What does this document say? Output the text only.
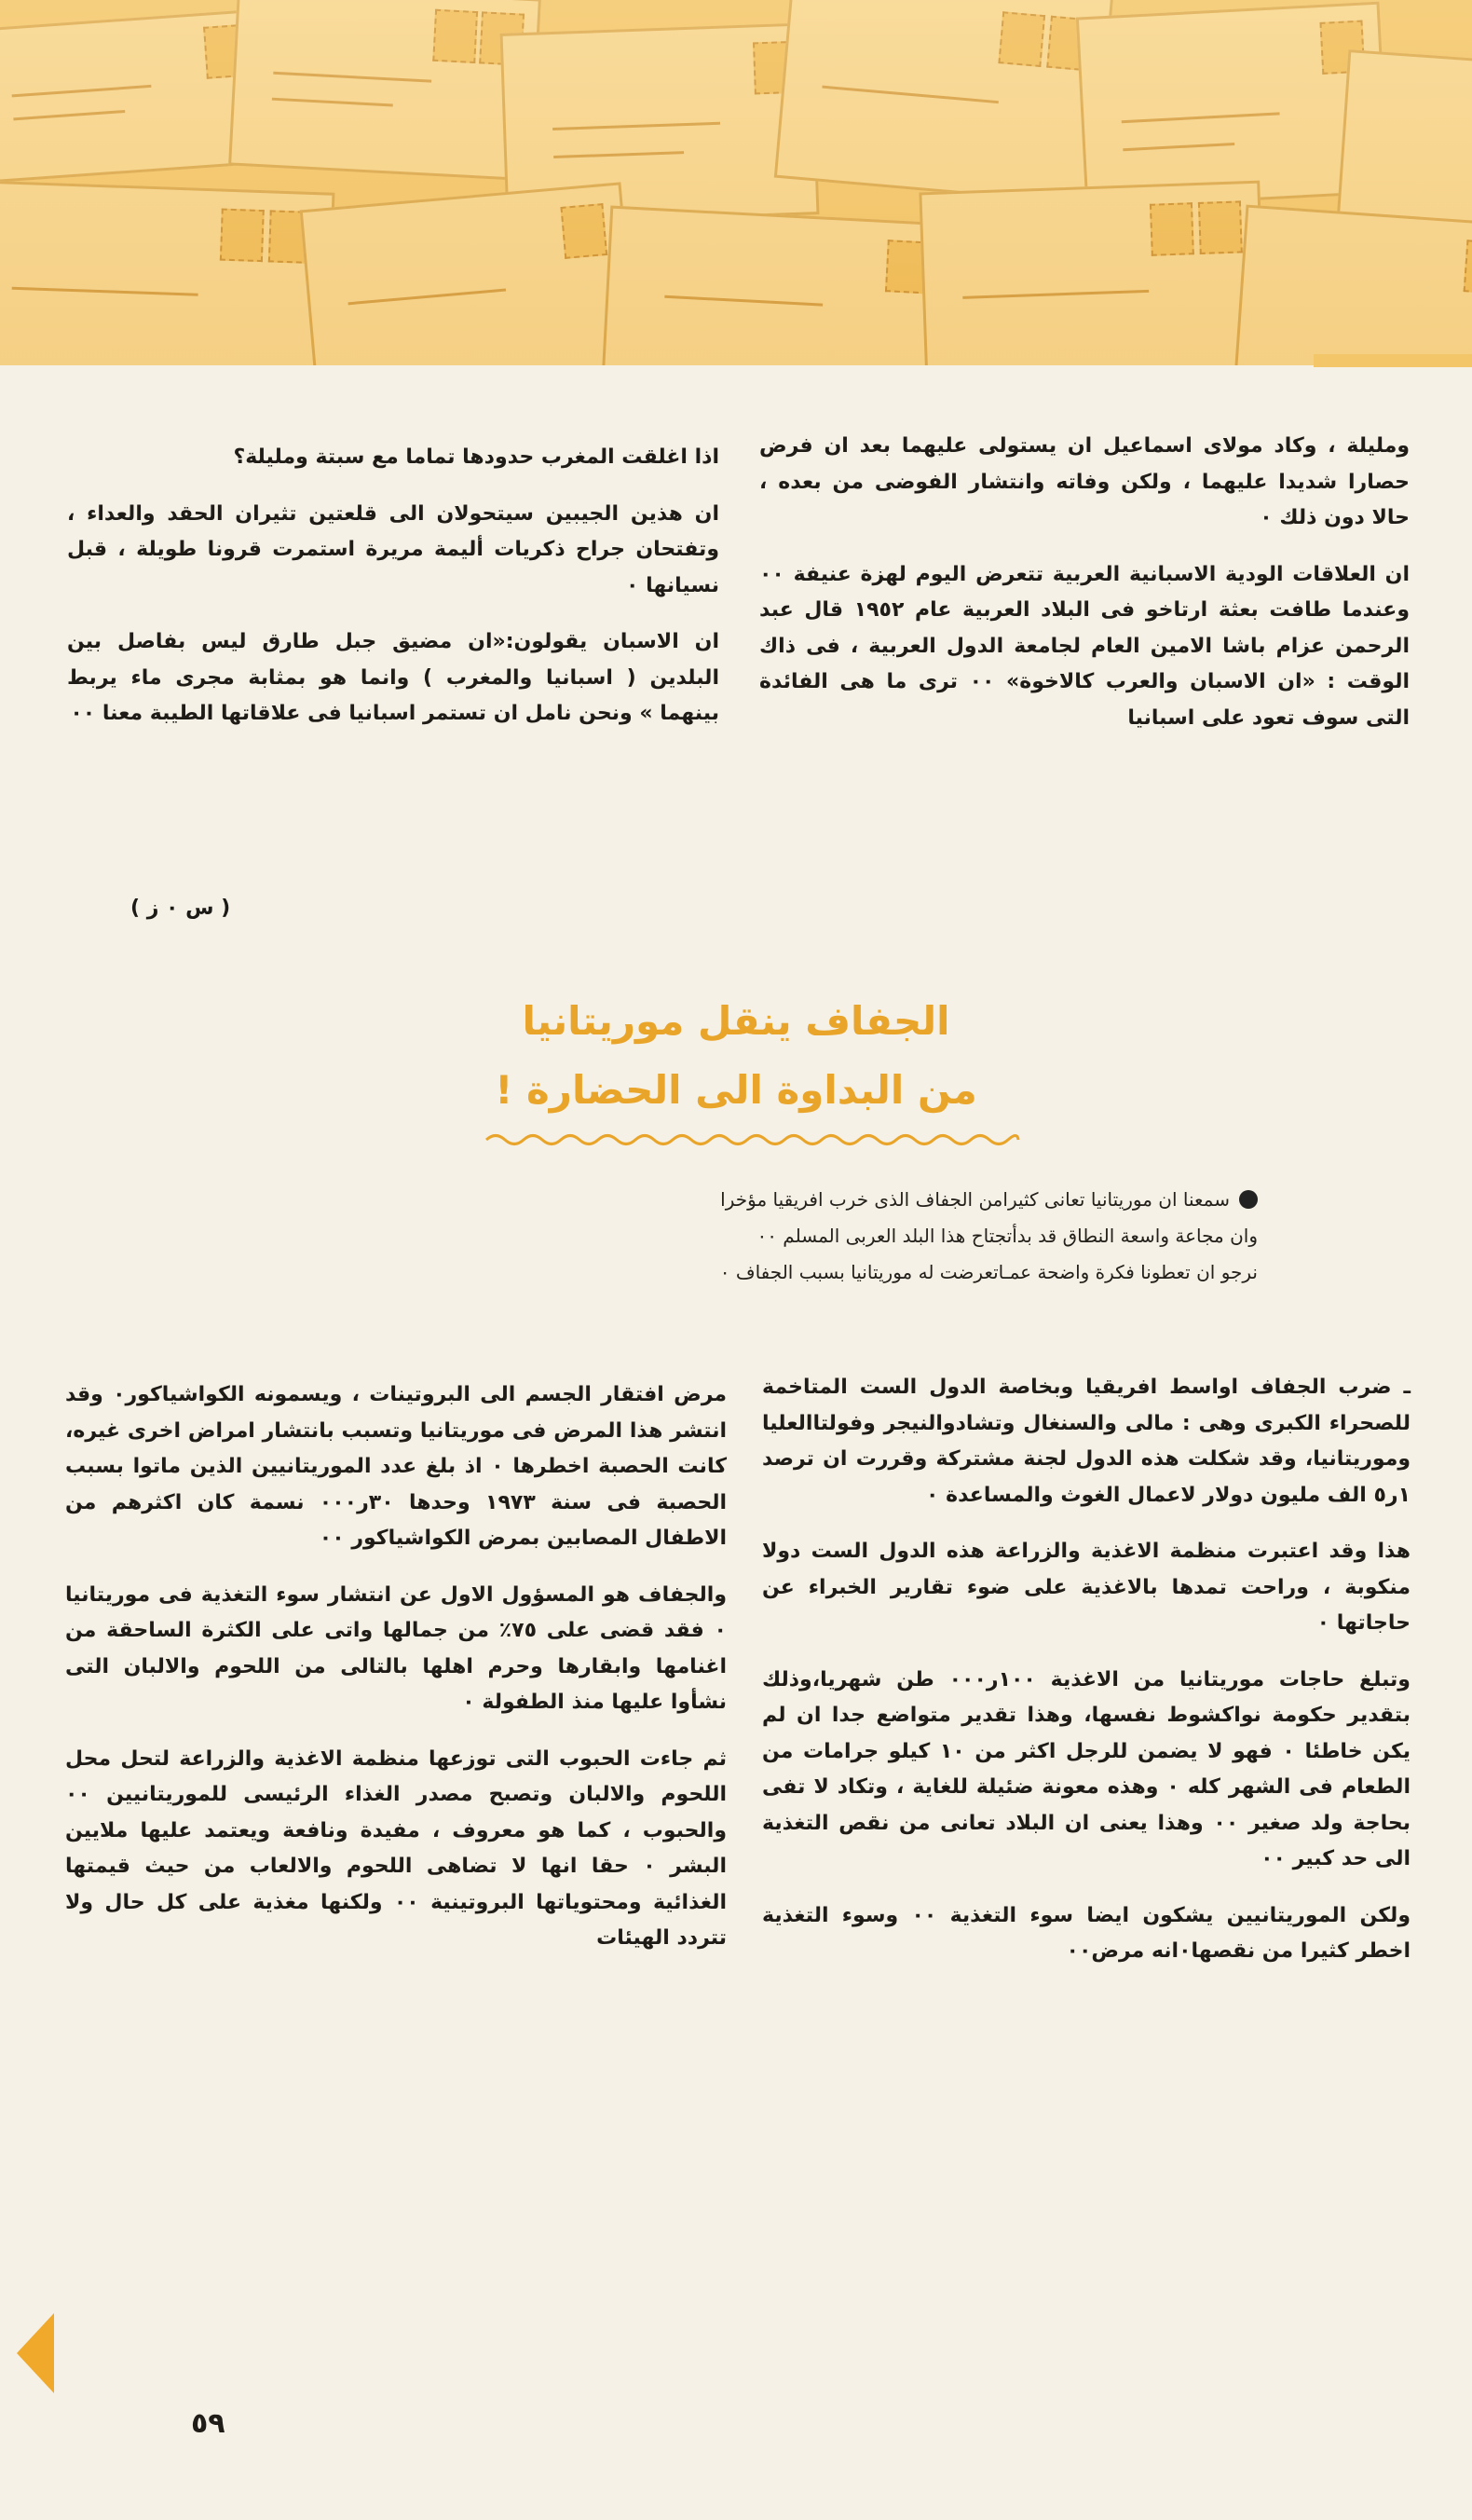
ومليلة ، وكاد مولاى اسماعيل ان يستولى عليهما بعد ان فرض حصارا شديدا عليهما ، ولكن وفاته وانتشار الفوضى من بعده ، حالا دون ذلك ٠

ان العلاقات الودية الاسبانية العربية تتعرض اليوم لهزة عنيفة ٠٠ وعندما طافت بعثة ارتاخو فى البلاد العربية عام ١٩٥٢ قال عبد الرحمن عزام باشا الامين العام لجامعة الدول العربية ، فى ذاك الوقت : «ان الاسبان والعرب كالاخوة» ٠٠ ترى ما هى الفائدة التى سوف تعود على اسبانيا

اذا اغلقت المغرب حدودها تماما مع سبتة ومليلة؟

ان هذين الجيبين سيتحولان الى قلعتين تثيران الحقد والعداء ، وتفتحان جراح ذكريات أليمة مريرة استمرت قرونا طويلة ، قبل نسيانها ٠

ان الاسبان يقولون:«ان مضيق جبل طارق ليس بفاصل بين البلدين ( اسبانيا والمغرب ) وانما هو بمثابة مجرى ماء يربط بينهما » ونحن نامل ان تستمر اسبانيا فى علاقاتها الطيبة معنا ٠٠

( س ٠ ز )
الجفاف ينقل موريتانيا
من البداوة الى الحضارة !
سمعنا ان موريتانيا تعانى كثيرامن الجفاف الذى خرب افريقيا مؤخرا
وان مجاعة واسعة النطاق قد بدأتجتاح هذا البلد العربى المسلم ٠٠
نرجو ان تعطونا فكرة واضحة عمـاتعرضت له موريتانيا بسبب الجفاف ٠

ـ ضرب الجفاف اواسط افريقيا وبخاصة الدول الست المتاخمة للصحراء الكبرى وهى : مالى والسنغال وتشادوالنيجر وفولتاالعليا وموريتانيا، وقد شكلت هذه الدول لجنة مشتركة وقررت ان ترصد ١ر٥ الف مليون دولار لاعمال الغوث والمساعدة ٠

هذا وقد اعتبرت منظمة الاغذية والزراعة هذه الدول الست دولا منكوبة ، وراحت تمدها بالاغذية على ضوء تقارير الخبراء عن حاجاتها ٠

وتبلغ حاجات موريتانيا من الاغذية ١٠٠ر٠٠٠ طن شهريا،وذلك بتقدير حكومة نواكشوط نفسها، وهذا تقدير متواضع جدا ان لم يكن خاطئا ٠ فهو لا يضمن للرجل اكثر من ١٠ كيلو جرامات من الطعام فى الشهر كله ٠ وهذه معونة ضئيلة للغاية ، وتكاد لا تفى بحاجة ولد صغير ٠٠ وهذا يعنى ان البلاد تعانى من نقص التغذية الى حد كبير ٠٠

ولكن الموريتانيين يشكون ايضا سوء التغذية ٠٠ وسوء التغذية اخطر كثيرا من نقصها٠انه مرض٠٠

مرض افتقار الجسم الى البروتينات ، ويسمونه الكواشياكور٠ وقد انتشر هذا المرض فى موريتانيا وتسبب بانتشار امراض اخرى غيره، كانت الحصبة اخطرها ٠ اذ بلغ عدد الموريتانيين الذين ماتوا بسبب الحصبة فى سنة ١٩٧٣ وحدها ٣٠ر٠٠٠ نسمة كان اكثرهم من الاطفال المصابين بمرض الكواشياكور ٠٠

والجفاف هو المسؤول الاول عن انتشار سوء التغذية فى موريتانيا ٠ فقد قضى على ٧٥٪ من جمالها واتى على الكثرة الساحقة من اغنامها وابقارها وحرم اهلها بالتالى من اللحوم والالبان التى نشأوا عليها منذ الطفولة ٠

ثم جاءت الحبوب التى توزعها منظمة الاغذية والزراعة لتحل محل اللحوم والالبان وتصبح مصدر الغذاء الرئيسى للموريتانيين ٠٠ والحبوب ، كما هو معروف ، مفيدة ونافعة ويعتمد عليها ملايين البشر ٠ حقا انها لا تضاهى اللحوم والالعاب من حيث قيمتها الغذائية ومحتوياتها البروتينية ٠٠ ولكنها مغذية على كل حال ولا تتردد الهيئات

٥٩
